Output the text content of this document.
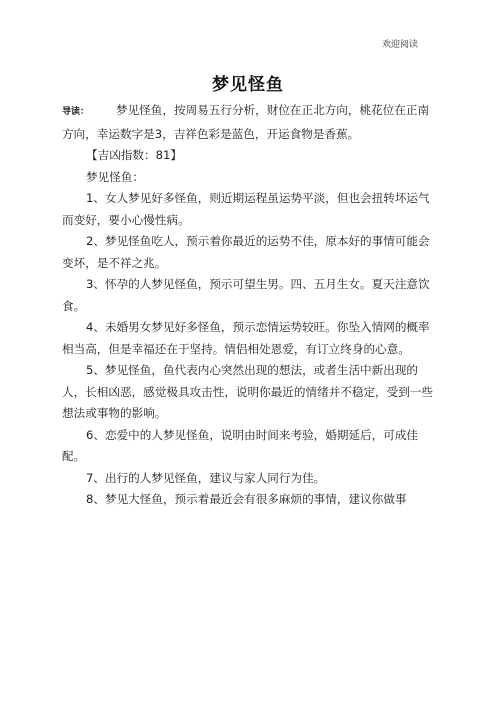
欢迎阅读
梦见怪鱼

导读： 梦见怪鱼，按周易五行分析，财位在正北方向，桃花位在正南方向，幸运数字是3，吉祥色彩是蓝色，开运食物是香蕉。

【吉凶指数：81】

梦见怪鱼：

1、女人梦见好多怪鱼，则近期运程虽运势平淡，但也会扭转坏运气而变好，要小心慢性病。

2、梦见怪鱼吃人，预示着你最近的运势不佳，原本好的事情可能会变坏，是不祥之兆。

3、怀孕的人梦见怪鱼，预示可望生男。四、五月生女。夏天注意饮食。

4、未婚男女梦见好多怪鱼，预示恋情运势较旺。你坠入情网的概率相当高，但是幸福还在于坚持。情侣相处恩爱，有订立终身的心意。

5、梦见怪鱼，鱼代表内心突然出现的想法，或者生活中新出现的人，长相凶恶，感觉极具攻击性，说明你最近的情绪并不稳定，受到一些想法或事物的影响。

6、恋爱中的人梦见怪鱼，说明由时间来考验，婚期延后，可成佳配。

7、出行的人梦见怪鱼，建议与家人同行为佳。

8、梦见大怪鱼，预示着最近会有很多麻烦的事情，建议你做事
